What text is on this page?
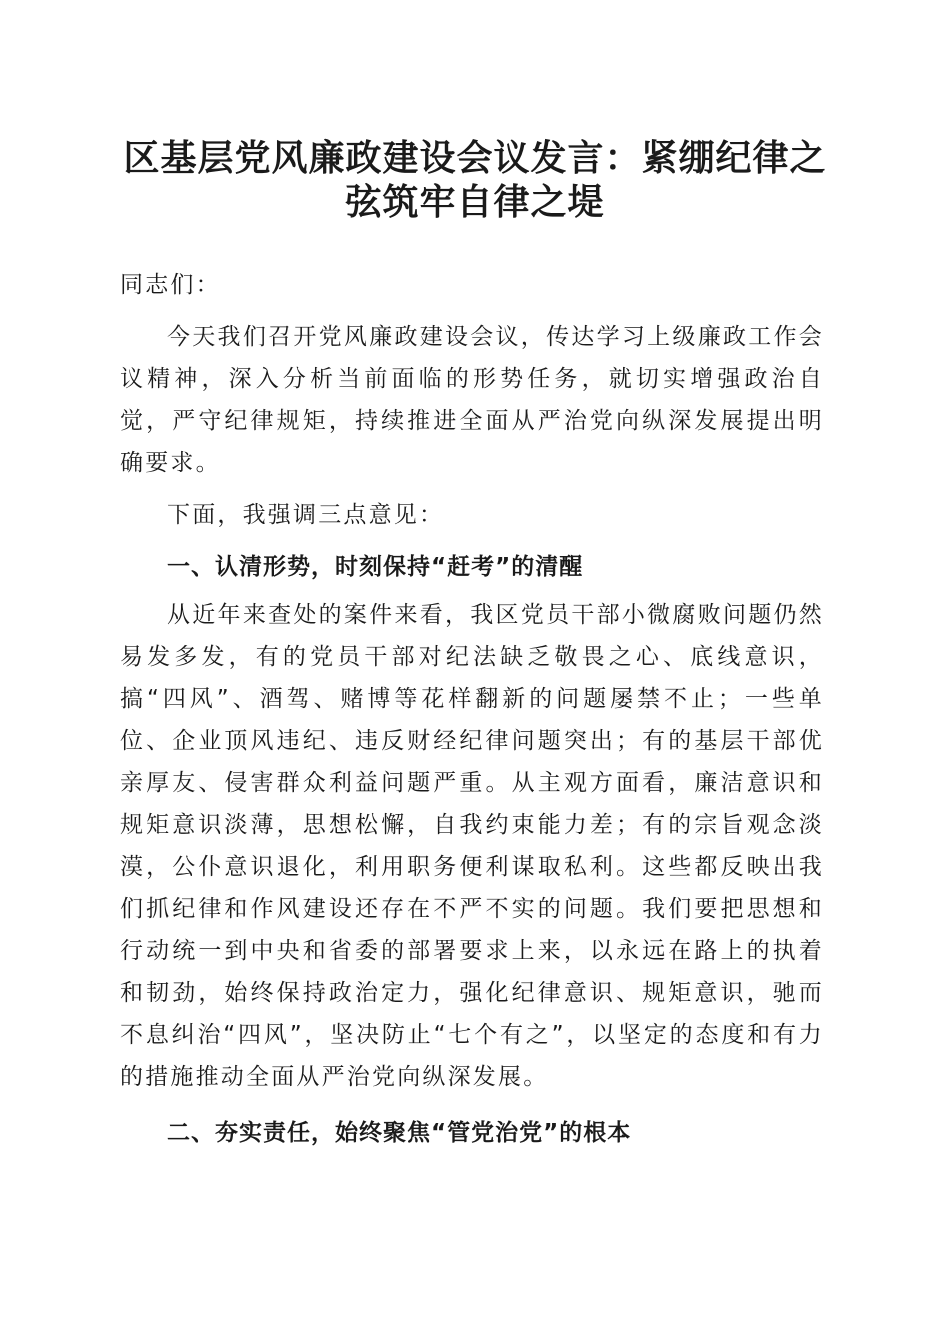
区基层党风廉政建设会议发言：紧绷纪律之弦筑牢自律之堤

同志们：

今天我们召开党风廉政建设会议，传达学习上级廉政工作会议精神，深入分析当前面临的形势任务，就切实增强政治自觉，严守纪律规矩，持续推进全面从严治党向纵深发展提出明确要求。

下面，我强调三点意见：

一、认清形势，时刻保持“赶考”的清醒

从近年来查处的案件来看，我区党员干部小微腐败问题仍然易发多发，有的党员干部对纪法缺乏敬畏之心、底线意识，搞“四风”、酒驾、赌博等花样翻新的问题屡禁不止；一些单位、企业顶风违纪、违反财经纪律问题突出；有的基层干部优亲厚友、侵害群众利益问题严重。从主观方面看，廉洁意识和规矩意识淡薄，思想松懈，自我约束能力差；有的宗旨观念淡漠，公仆意识退化，利用职务便利谋取私利。这些都反映出我们抓纪律和作风建设还存在不严不实的问题。我们要把思想和行动统一到中央和省委的部署要求上来，以永远在路上的执着和韧劲，始终保持政治定力，强化纪律意识、规矩意识，驰而不息纠治“四风”，坚决防止“七个有之”，以坚定的态度和有力的措施推动全面从严治党向纵深发展。

二、夯实责任，始终聚焦“管党治党”的根本
